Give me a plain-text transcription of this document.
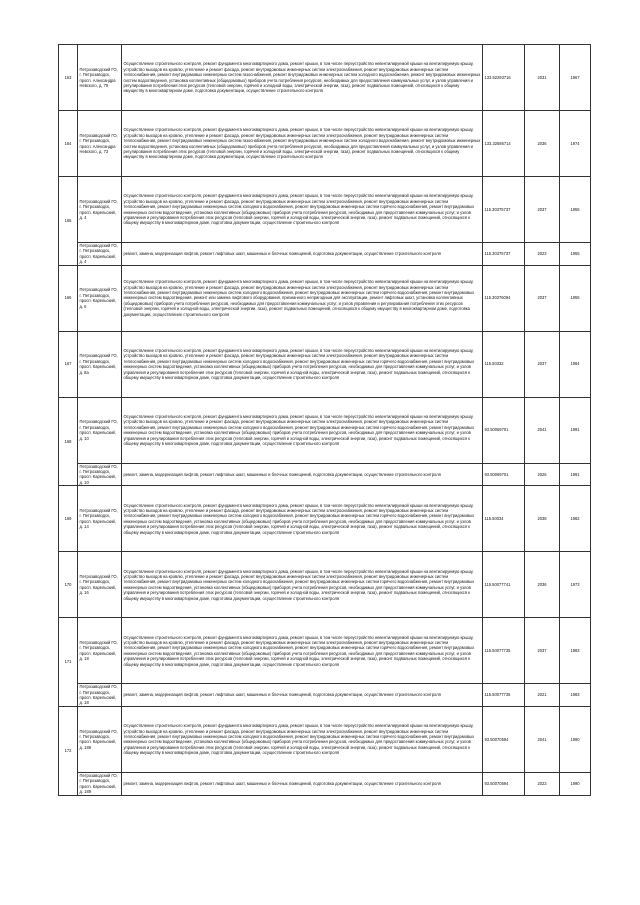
163	Петрозаводский ГО, г. Петрозаводск, просп. Александра Невского, д. 79	Осуществление строительного контроля, ремонт фундамента многоквартирного дома, ремонт крыши, в том числе переустройство невентилируемой крыши на вентилируемую крышу, устройство выходов на кровлю, утепление и ремонт фасада, ремонт внутридомовых инженерных систем электроснабжения, ремонт внутридомовых инженерных систем теплоснабжения, ремонт внутридомовых инженерных систем газоснабжения, ремонт внутридомовых инженерных систем холодного водоснабжения, ремонт внутридомовых инженерных систем водоотведения, установка коллективных (общедомовых) приборов учета потребления ресурсов, необходимых для предоставления коммунальных услуг, и узлов управления и регулирования потребления этих ресурсов (тепловой энергии, горячей и холодной воды, электрической энергии, газа), ремонт подвальных помещений, относящихся к общему имуществу в многоквартирном доме, подготовка документации, осуществление строительного контроля	133.52293716	2031	1967
164	Петрозаводский ГО, г. Петрозаводск, просп. Александра Невского, д. 73	Осуществление строительного контроля, ремонт фундамента многоквартирного дома, ремонт крыши, в том числе переустройство невентилируемой крыши на вентилируемую крышу, устройство выходов на кровлю, утепление и ремонт фасада, ремонт внутридомовых инженерных систем электроснабжения, ремонт внутридомовых инженерных систем теплоснабжения, ремонт внутридомовых инженерных систем газоснабжения, ремонт внутридомовых инженерных систем холодного водоснабжения, ремонт внутридомовых инженерных систем водоотведения, установка коллективных (общедомовых) приборов учета потребления ресурсов, необходимых для предоставления коммунальных услуг, и узлов управления и регулирования потребления этих ресурсов (тепловой энергии, горячей и холодной воды, электрической энергии, газа), ремонт подвальных помещений, относящихся к общему имуществу в многоквартирном доме, подготовка документации, осуществление строительного контроля	133.32586714	2036	1974
165	Петрозаводский ГО, г. Петрозаводск, просп. Карельский, д. 4	Осуществление строительного контроля, ремонт фундамента многоквартирного дома, ремонт крыши, в том числе переустройство невентилируемой крыши на вентилируемую крышу, устройство выходов на кровлю, утепление и ремонт фасада, ремонт внутридомовых инженерных систем электроснабжения, ремонт внутридомовых инженерных систем теплоснабжения, ремонт внутридомовых инженерных систем холодного водоснабжения, ремонт внутридомовых инженерных систем горячего водоснабжения, ремонт внутридомовых инженерных систем водоотведения, установка коллективных (общедомовых) приборов учета потребления ресурсов, необходимых для предоставления коммунальных услуг, и узлов управления и регулирования потребления этих ресурсов (тепловой энергии, горячей и холодной воды, электрической энергии, газа), ремонт подвальных помещений, относящихся к общему имуществу в многоквартирном доме, подготовка документации, осуществление строительного контроля	115.30375737	2037	1955
	Петрозаводский ГО, г. Петрозаводск, просп. Карельский, д. 4	ремонт, замена, модернизация лифтов, ремонт лифтовых шахт, машинных и блочных помещений, подготовка документации, осуществление строительного контроля	115.30375737	2023	1955
166	Петрозаводский ГО, г. Петрозаводск, просп. Карельский, д. 6	Осуществление строительного контроля, ремонт фундамента многоквартирного дома, ремонт крыши, в том числе переустройство невентилируемой крыши на вентилируемую крышу, устройство выходов на кровлю, утепление и ремонт фасада, ремонт внутридомовых инженерных систем электроснабжения, ремонт внутридомовых инженерных систем теплоснабжения, ремонт внутридомовых инженерных систем холодного водоснабжения, ремонт внутридомовых инженерных систем горячего водоснабжения, ремонт внутридомовых инженерных систем водоотведения, ремонт или замена лифтового оборудования, признанного непригодным для эксплуатации, ремонт лифтовых шахт, установка коллективных (общедомовых) приборов учета потребления ресурсов, необходимых для предоставления коммунальных услуг, и узлов управления и регулирования потребления этих ресурсов (тепловой энергии, горячей и холодной воды, электрической энергии, газа), ремонт подвальных помещений, относящихся к общему имуществу в многоквартирном доме, подготовка документации, осуществление строительного контроля	115.30376094	2037	1955
167	Петрозаводский ГО, г. Петрозаводск, просп. Карельский, д. 8а	Осуществление строительного контроля, ремонт фундамента многоквартирного дома, ремонт крыши, в том числе переустройство невентилируемой крыши на вентилируемую крышу, устройство выходов на кровлю, утепление и ремонт фасада, ремонт внутридомовых инженерных систем электроснабжения, ремонт внутридомовых инженерных систем теплоснабжения, ремонт внутридомовых инженерных систем холодного водоснабжения, ремонт внутридомовых инженерных систем горячего водоснабжения, ремонт внутридомовых инженерных систем водоотведения, установка коллективных (общедомовых) приборов учета потребления ресурсов, необходимых для предоставления коммунальных услуг, и узлов управления и регулирования потребления этих ресурсов (тепловой энергии, горячей и холодной воды, электрической энергии, газа), ремонт подвальных помещений, относящихся к общему имуществу в многоквартирном доме, подготовка документации, осуществление строительного контроля	115.50332	2037	1984
168	Петрозаводский ГО, г. Петрозаводск, просп. Карельский, д. 10	Осуществление строительного контроля, ремонт фундамента многоквартирного дома, ремонт крыши, в том числе переустройство невентилируемой крыши на вентилируемую крышу, устройство выходов на кровлю, утепление и ремонт фасада, ремонт внутридомовых инженерных систем электроснабжения, ремонт внутридомовых инженерных систем теплоснабжения, ремонт внутридомовых инженерных систем холодного водоснабжения, ремонт внутридомовых инженерных систем горячего водоснабжения, ремонт внутридомовых инженерных систем водоотведения, установка коллективных (общедомовых) приборов учета потребления ресурсов, необходимых для предоставления коммунальных услуг, и узлов управления и регулирования потребления этих ресурсов (тепловой энергии, горячей и холодной воды, электрической энергии, газа), ремонт подвальных помещений, относящихся к общему имуществу в многоквартирном доме, подготовка документации, осуществление строительного контроля	93.50069701	2041	1991
	Петрозаводский ГО, г. Петрозаводск, просп. Карельский, д. 10	ремонт, замена, модернизация лифтов, ремонт лифтовых шахт, машинных и блочных помещений, подготовка документации, осуществление строительного контроля	93.50069701	2026	1991
169	Петрозаводский ГО, г. Петрозаводск, просп. Карельский, д. 14	Осуществление строительного контроля, ремонт фундамента многоквартирного дома, ремонт крыши, в том числе переустройство невентилируемой крыши на вентилируемую крышу, устройство выходов на кровлю, утепление и ремонт фасада, ремонт внутридомовых инженерных систем электроснабжения, ремонт внутридомовых инженерных систем теплоснабжения, ремонт внутридомовых инженерных систем холодного водоснабжения, ремонт внутридомовых инженерных систем горячего водоснабжения, ремонт внутридомовых инженерных систем водоотведения, установка коллективных (общедомовых) приборов учета потребления ресурсов, необходимых для предоставления коммунальных услуг, и узлов управления и регулирования потребления этих ресурсов (тепловой энергии, горячей и холодной воды, электрической энергии, газа), ремонт подвальных помещений, относящихся к общему имуществу в многоквартирном доме, подготовка документации, осуществление строительного контроля	115.50034	2038	1982
170	Петрозаводский ГО, г. Петрозаводск, просп. Карельский, д. 16	Осуществление строительного контроля, ремонт фундамента многоквартирного дома, ремонт крыши, в том числе переустройство невентилируемой крыши на вентилируемую крышу, устройство выходов на кровлю, утепление и ремонт фасада, ремонт внутридомовых инженерных систем электроснабжения, ремонт внутридомовых инженерных систем теплоснабжения, ремонт внутридомовых инженерных систем холодного водоснабжения, ремонт внутридомовых инженерных систем горячего водоснабжения, ремонт внутридомовых инженерных систем водоотведения, установка коллективных (общедомовых) приборов учета потребления ресурсов, необходимых для предоставления коммунальных услуг, и узлов управления и регулирования потребления этих ресурсов (тепловой энергии, горячей и холодной воды, электрической энергии, газа), ремонт подвальных помещений, относящихся к общему имуществу в многоквартирном доме, подготовка документации, осуществление строительного контроля	115.50077741	2036	1973
171	Петрозаводский ГО, г. Петрозаводск, просп. Карельский, д. 18	Осуществление строительного контроля, ремонт фундамента многоквартирного дома, ремонт крыши, в том числе переустройство невентилируемой крыши на вентилируемую крышу, устройство выходов на кровлю, утепление и ремонт фасада, ремонт внутридомовых инженерных систем электроснабжения, ремонт внутридомовых инженерных систем теплоснабжения, ремонт внутридомовых инженерных систем холодного водоснабжения, ремонт внутридомовых инженерных систем горячего водоснабжения, ремонт внутридомовых инженерных систем водоотведения, установка коллективных (общедомовых) приборов учета потребления ресурсов, необходимых для предоставления коммунальных услуг, и узлов управления и регулирования потребления этих ресурсов (тепловой энергии, горячей и холодной воды, электрической энергии, газа), ремонт подвальных помещений, относящихся к общему имуществу в многоквартирном доме, подготовка документации, осуществление строительного контроля	115.50077735	2037	1983
	Петрозаводский ГО, г. Петрозаводск, просп. Карельский, д. 18	ремонт, замена, модернизация лифтов, ремонт лифтовых шахт, машинных и блочных помещений, подготовка документации, осуществление строительного контроля	115.50077735	2021	1983
172	Петрозаводский ГО, г. Петрозаводск, просп. Карельский, д. 189	Осуществление строительного контроля, ремонт фундамента многоквартирного дома, ремонт крыши, в том числе переустройство невентилируемой крыши на вентилируемую крышу, устройство выходов на кровлю, утепление и ремонт фасада, ремонт внутридомовых инженерных систем электроснабжения, ремонт внутридомовых инженерных систем теплоснабжения, ремонт внутридомовых инженерных систем холодного водоснабжения, ремонт внутридомовых инженерных систем горячего водоснабжения, ремонт внутридомовых инженерных систем водоотведения, установка коллективных (общедомовых) приборов учета потребления ресурсов, необходимых для предоставления коммунальных услуг, и узлов управления и регулирования потребления этих ресурсов (тепловой энергии, горячей и холодной воды, электрической энергии, газа), ремонт подвальных помещений, относящихся к общему имуществу в многоквартирном доме, подготовка документации, осуществление строительного контроля	93.50070594	2041	1990
	Петрозаводский ГО, г. Петрозаводск, просп. Карельский, д. 189	ремонт, замена, модернизация лифтов, ремонт лифтовых шахт, машинных и блочных помещений, подготовка документации, осуществление строительного контроля	93.50070594	2023	1990
